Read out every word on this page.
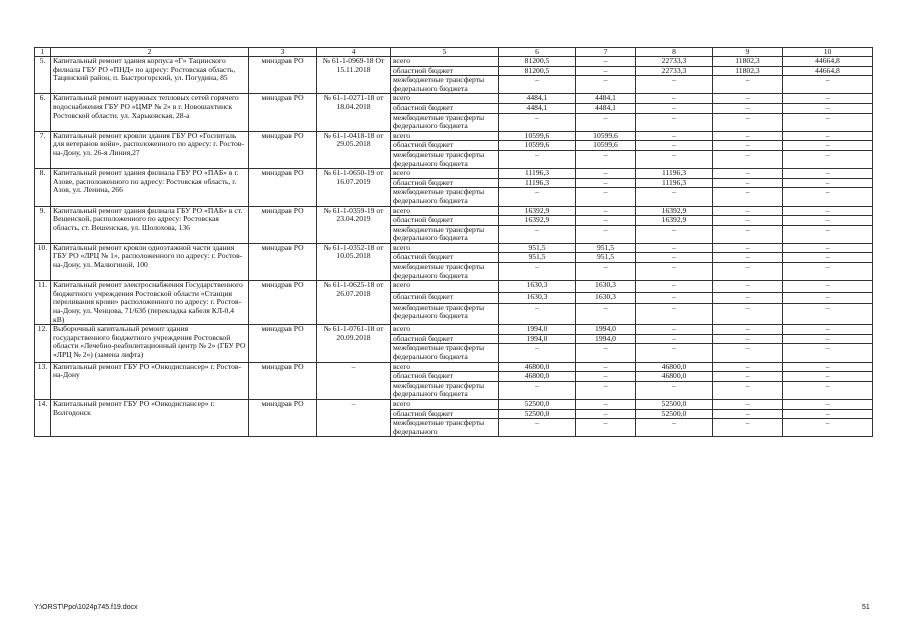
1	2	3	4	5	6	7	8	9	10
5.	Капитальный ремонт здания корпуса «Г» Тацинского филиала ГБУ РО «ПНД» по адресу: Ростовская область, Тацинский район, п. Быстрогорский, ул. Погудина, 85	минздрав РО	№ 61-1-0969-18 От 15.11.2018	всего	81200,5	–	22733,3	11802,3	44664,8
				областной бюджет	81200,5	–	22733,3	11802,3	44664,8
				межбюджетные трансферты федерального бюджета	–	–	–	–	–
6.	Капитальный ремонт наружных тепловых сетей горячего водоснабжения ГБУ РО «ЦМР № 2» в г. Новошахтинск Ростовской области. ул. Харьковская, 28-а	минздрав РО	№ 61-1-0271-18 от 18.04.2018	всего	4484,1	4484,1	–	–	–
				областной бюджет	4484,1	4484,1	–	–	–
				межбюджетные трансферты федерального бюджета	–	–	–	–	–
7.	Капитальный ремонт кровли здания ГБУ РО «Госпиталь для ветеранов войн», расположенного по адресу: г. Ростов-на-Дону, ул. 26-я Линия,27	минздрав РО	№ 61-1-0418-18 от 29.05.2018	всего	10599,6	10599,6	–	–	–
				областной бюджет	10599,6	10599,6	–	–	–
				межбюджетные трансферты федерального бюджета	–	–	–	–	–
8.	Капитальный ремонт здания филиала ГБУ РО «ПАБ» в г. Азове, расположенного по адресу: Ростовская область, г. Азов, ул. Ленина, 266	минздрав РО	№ 61-1-0650-19 от 16.07.2019	всего	11196,3	–	11196,3	–	–
				областной бюджет	11196,3	–	11196,3	–	–
				межбюджетные трансферты федерального бюджета	–	–	–	–	–
9.	Капитальный ремонт здания филиала ГБУ РО «ПАБ» в ст. Вешенской, расположенного по адресу: Ростовская область, ст. Вешенская, ул. Шолохова, 136	минздрав РО	№ 61-1-0359-19 от 23.04.2019	всего	16392,9	–	16392,9	–	–
				областной бюджет	16392,9	–	16392,9	–	–
				межбюджетные трансферты федерального бюджета	–	–	–	–	–
10.	Капитальный ремонт кровли одноэтажной части здания ГБУ РО «ЛРЦ № 1», расположенного по адресу: г. Ростов-на-Дону, ул. Малюгиной, 100	минздрав РО	№ 61-1-0352-18 от 10.05.2018	всего	951,5	951,5	–	–	–
				областной бюджет	951,5	951,5	–	–	–
				межбюджетные трансферты федерального бюджета	–	–	–	–	–
11.	Капитальный ремонт электроснабжения Государственного бюджетного учреждения Ростовской области «Станция переливания крови» расположенного по адресу: г. Ростов-на-Дону, ул. Ченцова, 71/63б (перекладка кабеля КЛ-0,4 кВ)	минздрав РО	№ 61-1-0625-18 от 26.07.2018	всего	1630,3	1630,3	–	–	–
				областной бюджет	1630,3	1630,3	–	–	–
				межбюджетные трансферты федерального бюджета	–	–	–	–	–
12.	Выборочный капитальный ремонт здания государственного бюджетного учреждения Ростовской области «Лечебно-реабилитационный центр № 2» (ГБУ РО «ЛРЦ № 2») (замена лифта)	минздрав РО	№ 61-1-0761-18 от 20.09.2018	всего	1994,0	1994,0	–	–	–
				областной бюджет	1994,0	1994,0	–	–	–
				межбюджетные трансферты федерального бюджета	–	–	–	–	–
13.	Капитальный ремонт ГБУ РО «Онкодиспансер» г. Ростов-на-Дону	минздрав РО	–	всего	46800,0	–	46800,0	–	–
				областной бюджет	46800,0	–	46800,0	–	–
				межбюджетные трансферты федерального бюджета	–	–	–	–	–
14.	Капитальный ремонт ГБУ РО «Онкодиспансер» г. Волгодонск	минздрав РО	–	всего	52500,0	–	52500,0	–	–
				областной бюджет	52500,0	–	52500,0	–	–
				межбюджетные трансферты федерального	–	–	–	–	–
Y:\ORST\Ppo\1024p745.f19.docx	51
